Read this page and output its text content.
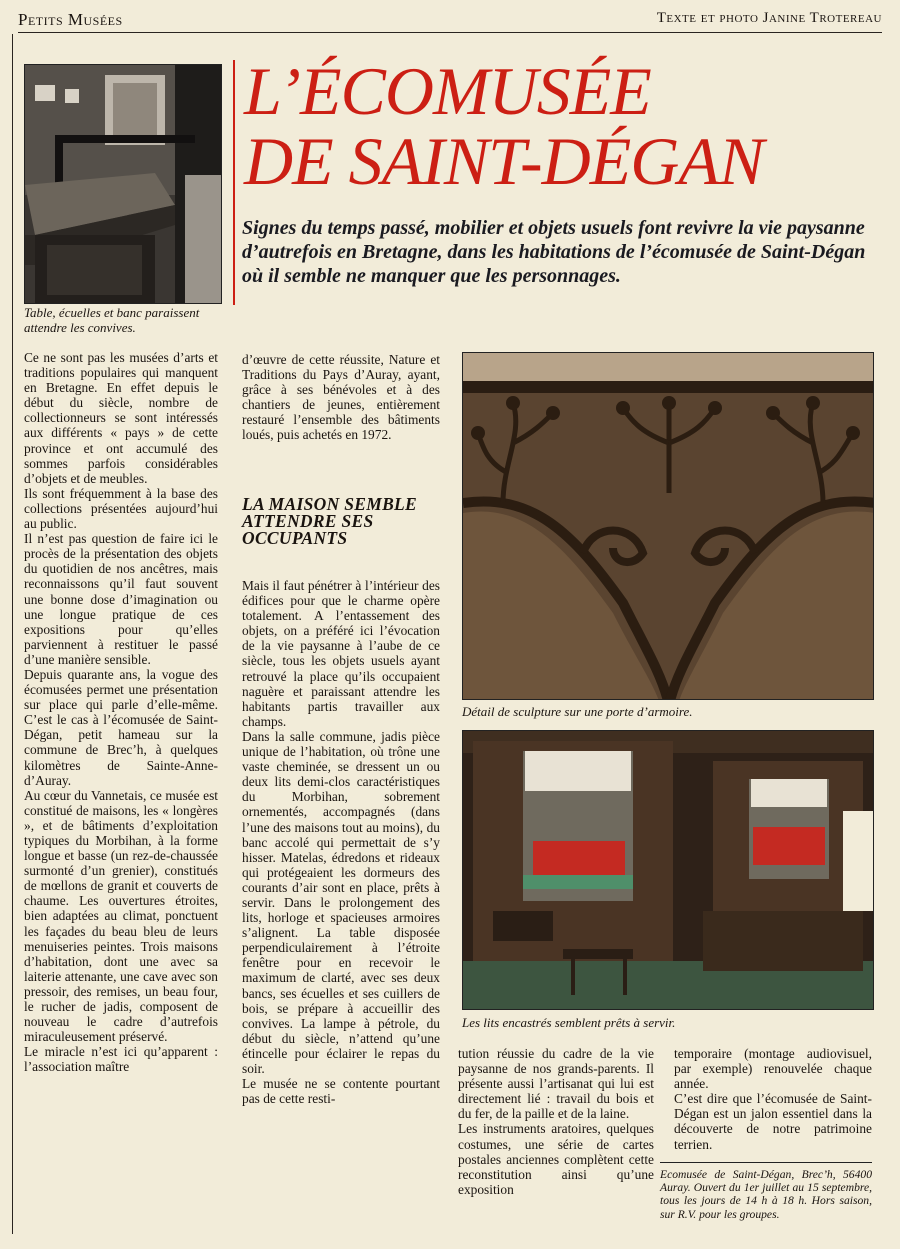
Petits Musées	Texte et photo Janine Trotereau
Table, écuelles et banc paraissent attendre les convives.
L’ÉCOMUSÉE
DE SAINT-DÉGAN
Signes du temps passé, mobilier et objets usuels font revivre la vie paysanne d’autrefois en Bretagne, dans les habitations de l’écomusée de Saint-Dégan où il semble ne manquer que les personnages.

Ce ne sont pas les musées d’arts et traditions populaires qui manquent en Bretagne. En effet depuis le début du siècle, nombre de collectionneurs se sont intéressés aux différents « pays » de cette province et ont accumulé des sommes parfois considérables d’objets et de meubles.

Ils sont fréquemment à la base des collections présentées aujourd’hui au public.

Il n’est pas question de faire ici le procès de la présentation des objets du quotidien de nos ancêtres, mais reconnaissons qu’il faut souvent une bonne dose d’imagination ou une longue pratique de ces expositions pour qu’elles parviennent à restituer le passé d’une manière sensible.

Depuis quarante ans, la vogue des écomusées permet une présentation sur place qui parle d’elle-même. C’est le cas à l’écomusée de Saint-Dégan, petit hameau sur la commune de Brec’h, à quelques kilomètres de Sainte-Anne-d’Auray.

Au cœur du Vannetais, ce musée est constitué de maisons, les « longères », et de bâtiments d’exploitation typiques du Morbihan, à la forme longue et basse (un rez-de-chaussée surmonté d’un grenier), constitués de mœllons de granit et couverts de chaume. Les ouvertures étroites, bien adaptées au climat, ponctuent les façades du beau bleu de leurs menuiseries peintes. Trois maisons d’habitation, dont une avec sa laiterie attenante, une cave avec son pressoir, des remises, un beau four, le rucher de jadis, composent de nouveau le cadre d’autrefois miraculeusement préservé.

Le miracle n’est ici qu’apparent : l’association maître

d’œuvre de cette réussite, Nature et Traditions du Pays d’Auray, ayant, grâce à ses bénévoles et à des chantiers de jeunes, entièrement restauré l’ensemble des bâtiments loués, puis achetés en 1972.

LA MAISON SEMBLE ATTENDRE SES OCCUPANTS

Mais il faut pénétrer à l’intérieur des édifices pour que le charme opère totalement. A l’entassement des objets, on a préféré ici l’évocation de la vie paysanne à l’aube de ce siècle, tous les objets usuels ayant retrouvé la place qu’ils occupaient naguère et paraissant attendre les habitants partis travailler aux champs.

Dans la salle commune, jadis pièce unique de l’habitation, où trône une vaste cheminée, se dressent un ou deux lits demi-clos caractéristiques du Morbihan, sobrement ornementés, accompagnés (dans l’une des maisons tout au moins), du banc accolé qui permettait de s’y hisser. Matelas, édredons et rideaux qui protégeaient les dormeurs des courants d’air sont en place, prêts à servir. Dans le prolongement des lits, horloge et spacieuses armoires s’alignent. La table disposée perpendiculairement à l’étroite fenêtre pour en recevoir le maximum de clarté, avec ses deux bancs, ses écuelles et ses cuillers de bois, se prépare à accueillir des convives. La lampe à pétrole, du début du siècle, n’attend qu’une étincelle pour éclairer le repas du soir.

Le musée ne se contente pourtant pas de cette resti-

Détail de sculpture sur une porte d’armoire.
Les lits encastrés semblent prêts à servir.

tution réussie du cadre de la vie paysanne de nos grands-parents. Il présente aussi l’artisanat qui lui est directement lié : travail du bois et du fer, de la paille et de la laine.

Les instruments aratoires, quelques costumes, une série de cartes postales anciennes complètent cette reconstitution ainsi qu’une exposition

temporaire (montage audiovisuel, par exemple) renouvelée chaque année.

C’est dire que l’écomusée de Saint-Dégan est un jalon essentiel dans la découverte de notre patrimoine terrien.

Ecomusée de Saint-Dégan, Brec’h, 56400 Auray. Ouvert du 1er juillet au 15 septembre, tous les jours de 14 h à 18 h. Hors saison, sur R.V. pour les groupes.
